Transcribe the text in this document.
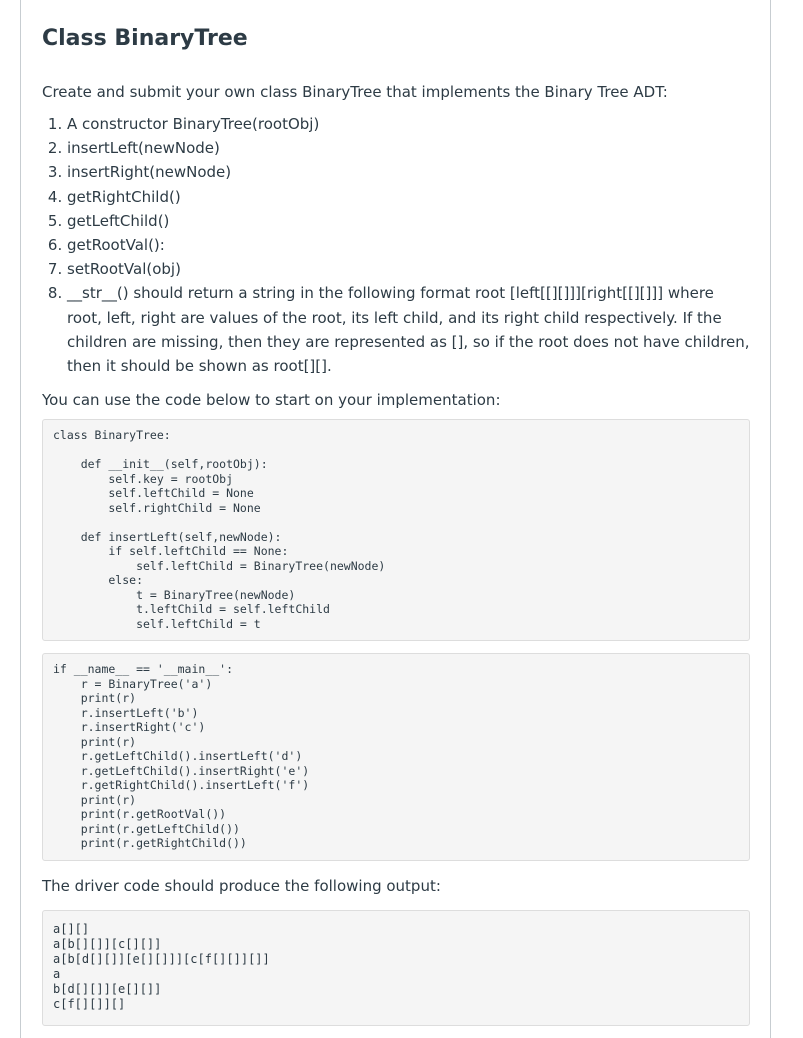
Class BinaryTree

Create and submit your own class BinaryTree that implements the Binary Tree ADT:

1. A constructor BinaryTree(rootObj)
2. insertLeft(newNode)
3. insertRight(newNode)
4. getRightChild()
5. getLeftChild()
6. getRootVal():
7. setRootVal(obj)
8. __str__() should return a string in the following format root [left[[][]]][right[[][]]] where root, left, right are values of the root, its left child, and its right child respectively. If the children are missing, then they are represented as [], so if the root does not have children, then it should be shown as root[][].

You can use the code below to start on your implementation:

class BinaryTree:

def __init__(self,rootObj):
self.key = rootObj
self.leftChild = None
self.rightChild = None

def insertLeft(self,newNode):
if self.leftChild == None:
self.leftChild = BinaryTree(newNode)
else:
t = BinaryTree(newNode)
t.leftChild = self.leftChild
self.leftChild = t
if __name__ == '__main__':
r = BinaryTree('a')
print(r)
r.insertLeft('b')
r.insertRight('c')
print(r)
r.getLeftChild().insertLeft('d')
r.getLeftChild().insertRight('e')
r.getRightChild().insertLeft('f')
print(r)
print(r.getRootVal())
print(r.getLeftChild())
print(r.getRightChild())

The driver code should produce the following output:

a[][]
a[b[][]][c[][]]
a[b[d[][]][e[][]]][c[f[][]][]]
a
b[d[][]][e[][]]
c[f[][]][]
